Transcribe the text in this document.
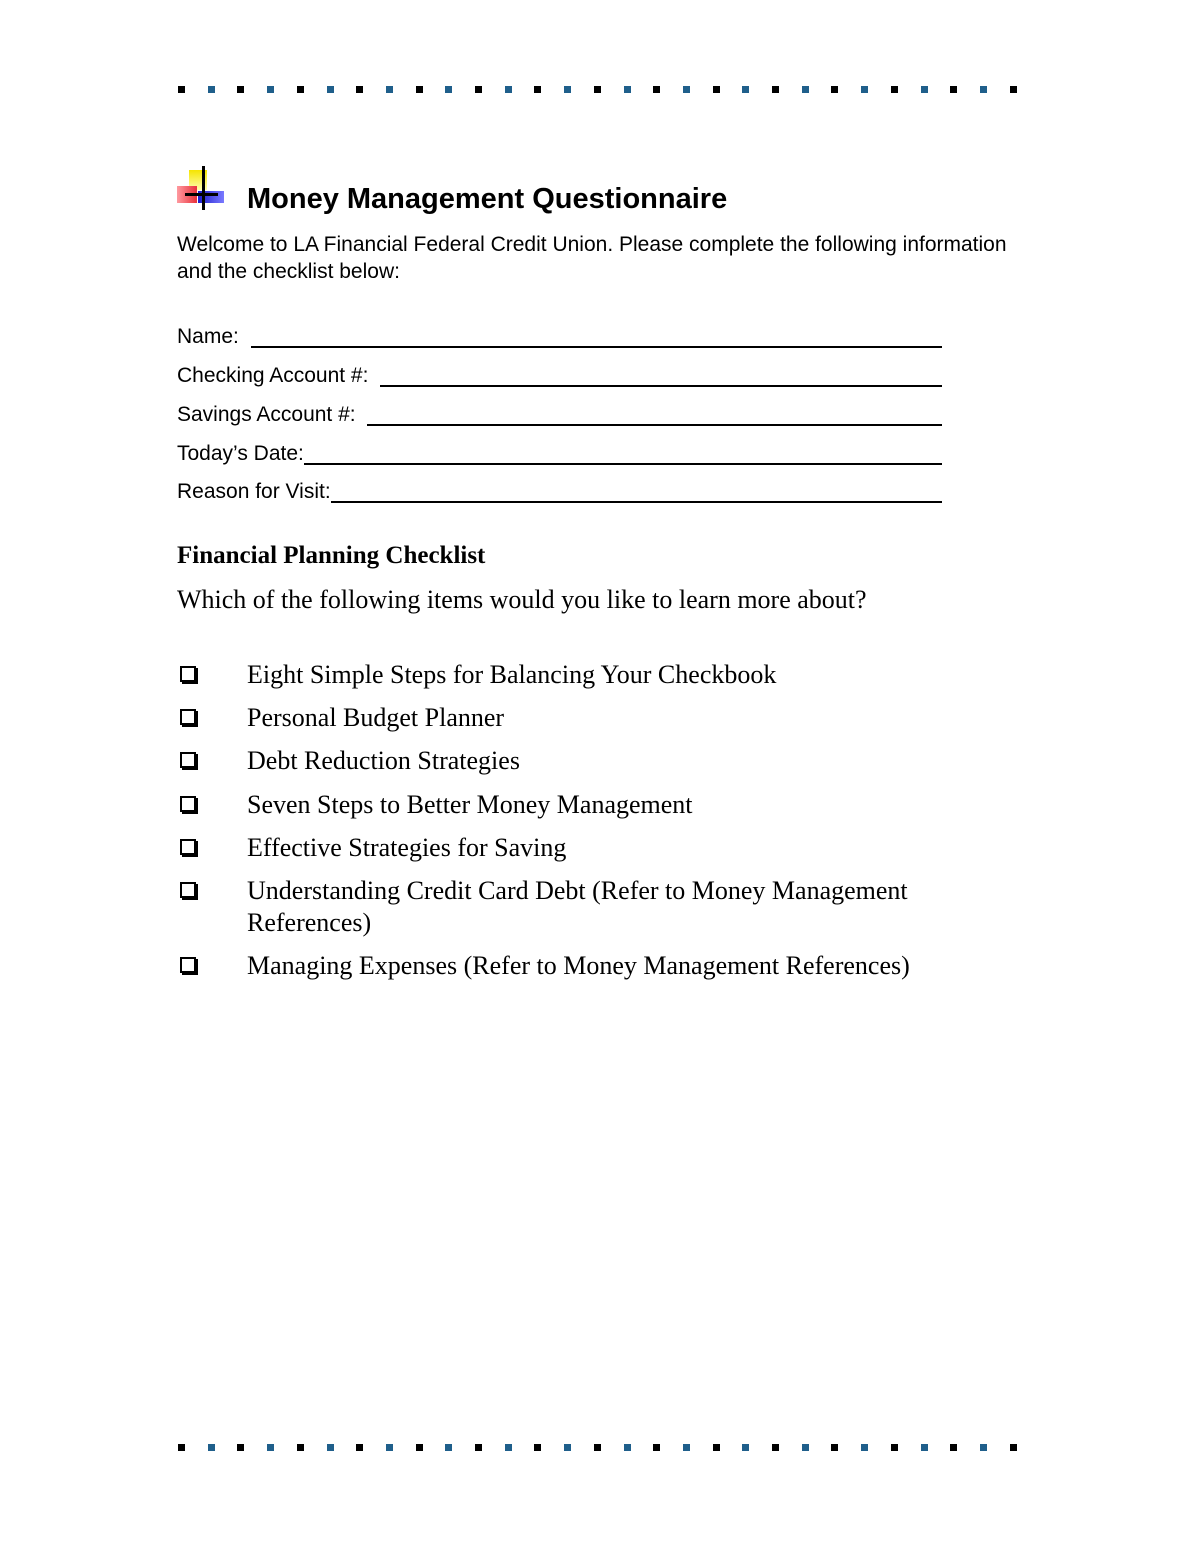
Money Management Questionnaire
Welcome to LA Financial Federal Credit Union. Please complete the following information and the checklist below:
Name:
Checking Account #:
Savings Account #:
Today’s Date:
Reason for Visit:
Financial Planning Checklist
Which of the following items would you like to learn more about?
Eight Simple Steps for Balancing Your Checkbook
Personal Budget Planner
Debt Reduction Strategies
Seven Steps to Better Money Management
Effective Strategies for Saving
Understanding Credit Card Debt (Refer to Money Management References)
Managing Expenses (Refer to Money Management References)
